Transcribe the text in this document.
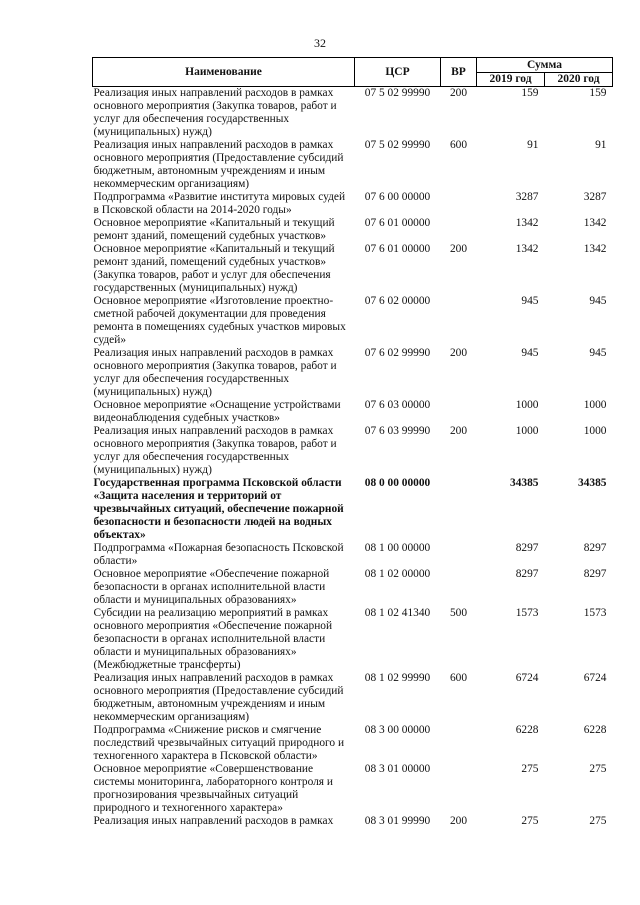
32
Наименование	ЦСР	ВР	Сумма	
			2019 год	2020 год
Реализация иных направлений расходов в рамках основного мероприятия (Закупка товаров, работ и услуг для обеспечения государственных (муниципальных) нужд)	07 5 02 99990	200	159	159
Реализация иных направлений расходов в рамках основного мероприятия (Предоставление субсидий бюджетным, автономным учреждениям и иным некоммерческим организациям)	07 5 02 99990	600	91	91
Подпрограмма «Развитие института мировых судей в Псковской области на 2014-2020 годы»	07 6 00 00000		3287	3287
Основное мероприятие «Капитальный и текущий ремонт зданий, помещений судебных участков»	07 6 01 00000		1342	1342
Основное мероприятие «Капитальный и текущий ремонт зданий, помещений судебных участков» (Закупка товаров, работ и услуг для обеспечения государственных (муниципальных) нужд)	07 6 01 00000	200	1342	1342
Основное мероприятие «Изготовление проектно-сметной рабочей документации для проведения ремонта в помещениях судебных участков мировых судей»	07 6 02 00000		945	945
Реализация иных направлений расходов в рамках основного мероприятия (Закупка товаров, работ и услуг для обеспечения государственных (муниципальных) нужд)	07 6 02 99990	200	945	945
Основное мероприятие «Оснащение устройствами видеонаблюдения судебных участков»	07 6 03 00000		1000	1000
Реализация иных направлений расходов в рамках основного мероприятия (Закупка товаров, работ и услуг для обеспечения государственных (муниципальных) нужд)	07 6 03 99990	200	1000	1000
Государственная программа Псковской области «Защита населения и территорий от чрезвычайных ситуаций, обеспечение пожарной безопасности и безопасности людей на водных объектах»	08 0 00 00000		34385	34385
Подпрограмма «Пожарная безопасность Псковской области»	08 1 00 00000		8297	8297
Основное мероприятие «Обеспечение пожарной безопасности в органах исполнительной власти области и муниципальных образованиях»	08 1 02 00000		8297	8297
Субсидии на реализацию мероприятий в рамках основного мероприятия «Обеспечение пожарной безопасности в органах исполнительной власти области и муниципальных образованиях» (Межбюджетные трансферты)	08 1 02 41340	500	1573	1573
Реализация иных направлений расходов в рамках основного мероприятия (Предоставление субсидий бюджетным, автономным учреждениям и иным некоммерческим организациям)	08 1 02 99990	600	6724	6724
Подпрограмма «Снижение рисков и смягчение последствий чрезвычайных ситуаций природного и техногенного характера в Псковской области»	08 3 00 00000		6228	6228
Основное мероприятие «Совершенствование системы мониторинга, лабораторного контроля и прогнозирования чрезвычайных ситуаций природного и техногенного характера»	08 3 01 00000		275	275
Реализация иных направлений расходов в рамках	08 3 01 99990	200	275	275
